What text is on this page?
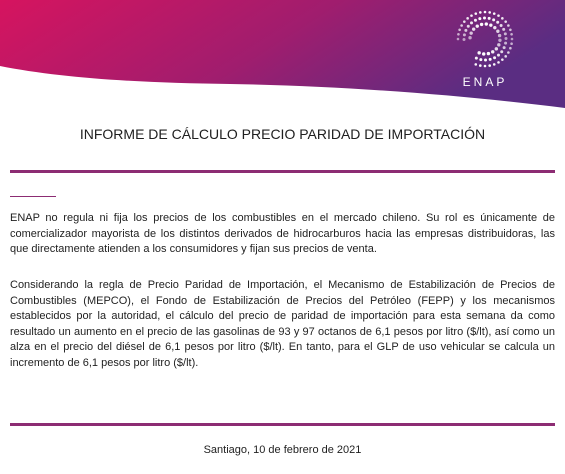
ENAP
INFORME DE CÁLCULO PRECIO PARIDAD DE IMPORTACIÓN
ENAP no regula ni fija los precios de los combustibles en el mercado chileno. Su rol es únicamente de comercializador mayorista de los distintos derivados de hidrocarburos hacia las empresas distribuidoras, las que directamente atienden a los consumidores y fijan sus precios de venta.
Considerando la regla de Precio Paridad de Importación, el Mecanismo de Estabilización de Precios de Combustibles (MEPCO), el Fondo de Estabilización de Precios del Petróleo (FEPP) y los mecanismos establecidos por la autoridad, el cálculo del precio de paridad de importación para esta semana da como resultado un aumento en el precio de las gasolinas de 93 y 97 octanos de 6,1 pesos por litro ($/lt), así como un alza en el precio del diésel de 6,1 pesos por litro ($/lt). En tanto, para el GLP de uso vehicular se calcula un incremento de 6,1 pesos por litro ($/lt).
Santiago, 10 de febrero de 2021
